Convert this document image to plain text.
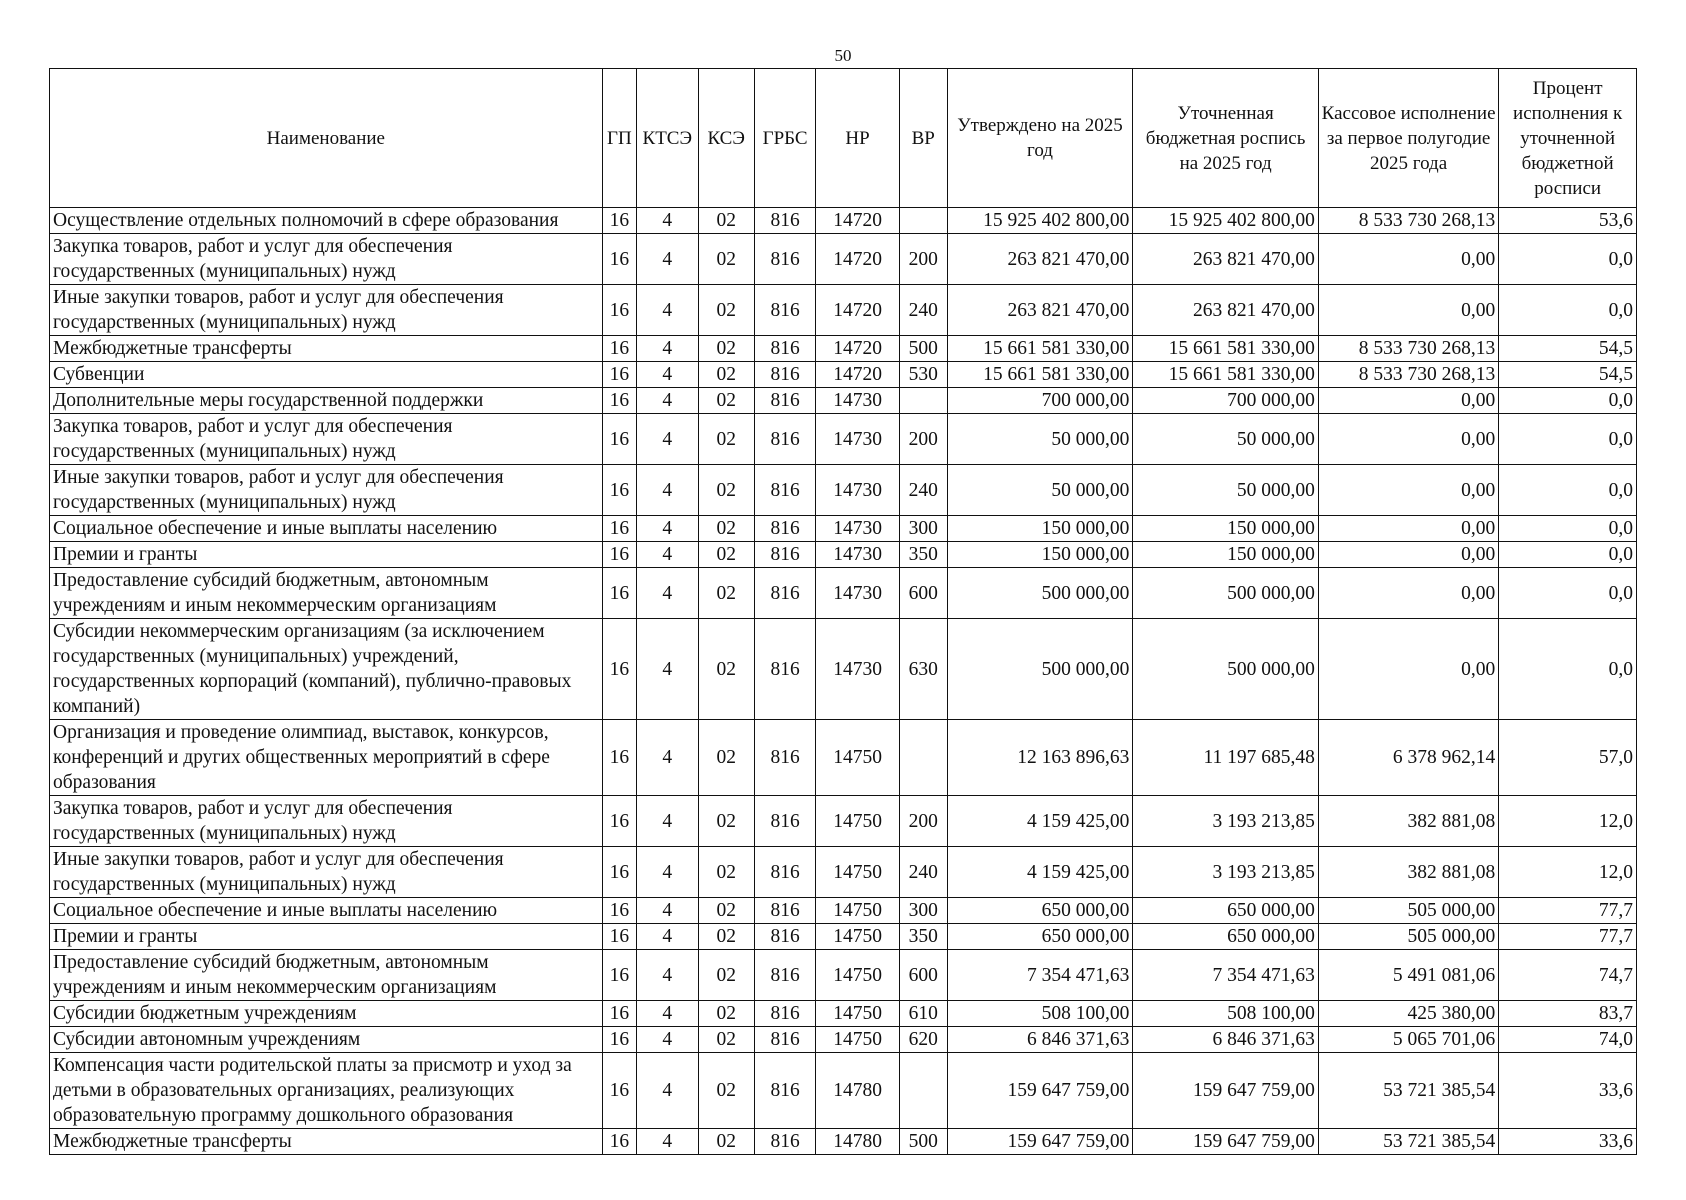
50
Наименование	ГП	КТСЭ	КСЭ	ГРБС	НР	ВР	Утверждено на 2025 год	Уточненная бюджетная роспись на 2025 год	Кассовое исполнение за первое полугодие 2025 года	Процент исполнения к уточненной бюджетной росписи
Осуществление отдельных полномочий в сфере образования	16	4	02	816	14720		15 925 402 800,00	15 925 402 800,00	8 533 730 268,13	53,6
Закупка товаров, работ и услуг для обеспечения государственных (муниципальных) нужд	16	4	02	816	14720	200	263 821 470,00	263 821 470,00	0,00	0,0
Иные закупки товаров, работ и услуг для обеспечения государственных (муниципальных) нужд	16	4	02	816	14720	240	263 821 470,00	263 821 470,00	0,00	0,0
Межбюджетные трансферты	16	4	02	816	14720	500	15 661 581 330,00	15 661 581 330,00	8 533 730 268,13	54,5
Субвенции	16	4	02	816	14720	530	15 661 581 330,00	15 661 581 330,00	8 533 730 268,13	54,5
Дополнительные меры государственной поддержки	16	4	02	816	14730		700 000,00	700 000,00	0,00	0,0
Закупка товаров, работ и услуг для обеспечения государственных (муниципальных) нужд	16	4	02	816	14730	200	50 000,00	50 000,00	0,00	0,0
Иные закупки товаров, работ и услуг для обеспечения государственных (муниципальных) нужд	16	4	02	816	14730	240	50 000,00	50 000,00	0,00	0,0
Социальное обеспечение и иные выплаты населению	16	4	02	816	14730	300	150 000,00	150 000,00	0,00	0,0
Премии и гранты	16	4	02	816	14730	350	150 000,00	150 000,00	0,00	0,0
Предоставление субсидий бюджетным, автономным учреждениям и иным некоммерческим организациям	16	4	02	816	14730	600	500 000,00	500 000,00	0,00	0,0
Субсидии некоммерческим организациям (за исключением государственных (муниципальных) учреждений, государственных корпораций (компаний), публично-правовых компаний)	16	4	02	816	14730	630	500 000,00	500 000,00	0,00	0,0
Организация и проведение олимпиад, выставок, конкурсов, конференций и других общественных мероприятий в сфере образования	16	4	02	816	14750		12 163 896,63	11 197 685,48	6 378 962,14	57,0
Закупка товаров, работ и услуг для обеспечения государственных (муниципальных) нужд	16	4	02	816	14750	200	4 159 425,00	3 193 213,85	382 881,08	12,0
Иные закупки товаров, работ и услуг для обеспечения государственных (муниципальных) нужд	16	4	02	816	14750	240	4 159 425,00	3 193 213,85	382 881,08	12,0
Социальное обеспечение и иные выплаты населению	16	4	02	816	14750	300	650 000,00	650 000,00	505 000,00	77,7
Премии и гранты	16	4	02	816	14750	350	650 000,00	650 000,00	505 000,00	77,7
Предоставление субсидий бюджетным, автономным учреждениям и иным некоммерческим организациям	16	4	02	816	14750	600	7 354 471,63	7 354 471,63	5 491 081,06	74,7
Субсидии бюджетным учреждениям	16	4	02	816	14750	610	508 100,00	508 100,00	425 380,00	83,7
Субсидии автономным учреждениям	16	4	02	816	14750	620	6 846 371,63	6 846 371,63	5 065 701,06	74,0
Компенсация части родительской платы за присмотр и уход за детьми в образовательных организациях, реализующих образовательную программу дошкольного образования	16	4	02	816	14780		159 647 759,00	159 647 759,00	53 721 385,54	33,6
Межбюджетные трансферты	16	4	02	816	14780	500	159 647 759,00	159 647 759,00	53 721 385,54	33,6
